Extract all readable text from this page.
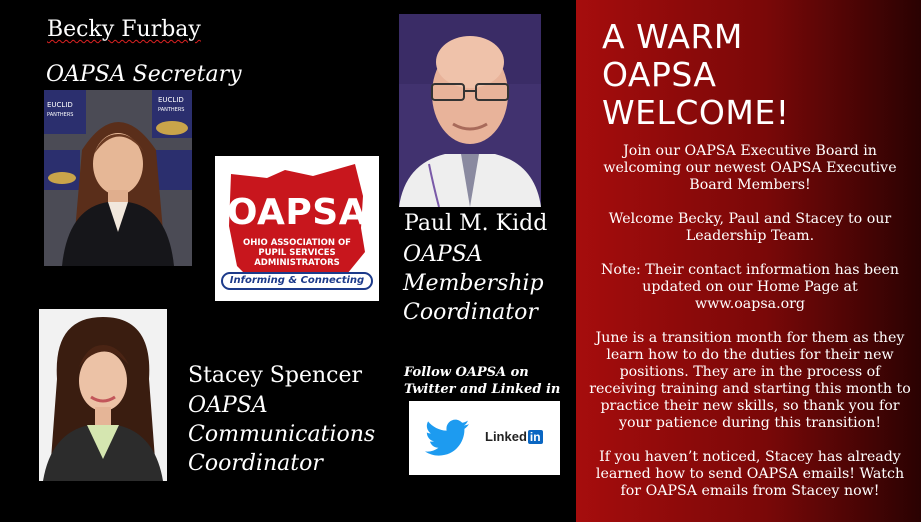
Becky Furbay
OAPSA Secretary
EUCLID
PANTHERS
EUCLID
PANTHERS
OAPSA
OHIO ASSOCIATION OF PUPIL SERVICES ADMINISTRATORS
Informing & Connecting
Paul M. Kidd
OAPSA
Membership
Coordinator
Stacey Spencer
OAPSA
Communications
Coordinator
Follow OAPSA on
Twitter and Linked in
Linked in
A WARM
OAPSA
WELCOME!

Join our OAPSA Executive Board in welcoming our newest OAPSA Executive Board Members!

Welcome Becky, Paul and Stacey to our Leadership Team.

Note: Their contact information has been updated on our Home Page at www.oapsa.org

June is a transition month for them as they learn how to do the duties for their new positions. They are in the process of receiving training and starting this month to practice their new skills, so thank you for your patience during this transition!

If you haven’t noticed, Stacey has already learned how to send OAPSA emails! Watch for OAPSA emails from Stacey now!
